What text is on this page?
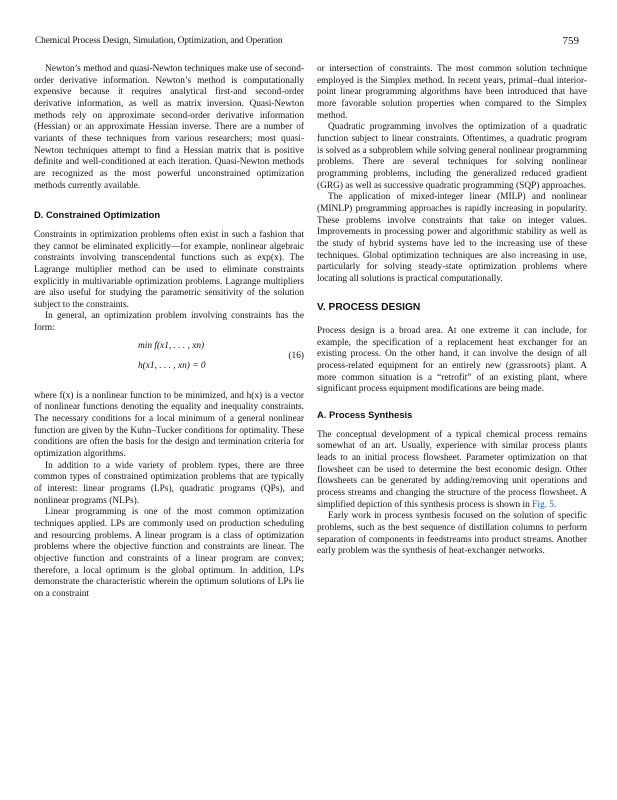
Chemical Process Design, Simulation, Optimization, and Operation	759

Newton’s method and quasi-Newton techniques make use of second-order derivative information. Newton’s method is computationally expensive because it requires analytical first-and second-order derivative information, as well as matrix inversion. Quasi-Newton methods rely on approximate second-order derivative information (Hessian) or an approximate Hessian inverse. There are a number of variants of these techniques from various researchers; most quasi-Newton techniques attempt to find a Hessian matrix that is positive definite and well-conditioned at each iteration. Quasi-Newton methods are recognized as the most powerful unconstrained optimization methods currently available.

D. Constrained Optimization

Constraints in optimization problems often exist in such a fashion that they cannot be eliminated explicitly—for example, nonlinear algebraic constraints involving transcendental functions such as exp(x). The Lagrange multiplier method can be used to eliminate constraints explicitly in multivariable optimization problems. Lagrange multipliers are also useful for studying the parametric sensitivity of the solution subject to the constraints.

In general, an optimization problem involving constraints has the form:

min f(x1, . . . , xn)
h(x1, . . . , xn) = 0
(16)

where f(x) is a nonlinear function to be minimized, and h(x) is a vector of nonlinear functions denoting the equality and inequality constraints. The necessary conditions for a local minimum of a general nonlinear function are given by the Kuhn–Tucker conditions for optimality. These conditions are often the basis for the design and termination criteria for optimization algorithms.

In addition to a wide variety of problem types, there are three common types of constrained optimization problems that are typically of interest: linear programs (LPs), quadratic programs (QPs), and nonlinear programs (NLPs).

Linear programming is one of the most common optimization techniques applied. LPs are commonly used on production scheduling and resourcing problems. A linear program is a class of optimization problems where the objective function and constraints are linear. The objective function and constraints of a linear program are convex; therefore, a local optimum is the global optimum. In addition, LPs demonstrate the characteristic wherein the optimum solutions of LPs lie on a constraint

or intersection of constraints. The most common solution technique employed is the Simplex method. In recent years, primal–dual interior-point linear programming algorithms have been introduced that have more favorable solution properties when compared to the Simplex method.

Quadratic programming involves the optimization of a quadratic function subject to linear constraints. Oftentimes, a quadratic program is solved as a subproblem while solving general nonlinear programming problems. There are several techniques for solving nonlinear programming problems, including the generalized reduced gradient (GRG) as well as successive quadratic programming (SQP) approaches.

The application of mixed-integer linear (MILP) and nonlinear (MINLP) programming approaches is rapidly increasing in popularity. These problems involve constraints that take on integer values. Improvements in processing power and algorithmic stability as well as the study of hybrid systems have led to the increasing use of these techniques. Global optimization techniques are also increasing in use, particularly for solving steady-state optimization problems where locating all solutions is practical computationally.

V. PROCESS DESIGN

Process design is a broad area. At one extreme it can include, for example, the specification of a replacement heat exchanger for an existing process. On the other hand, it can involve the design of all process-related equipment for an entirely new (grassroots) plant. A more common situation is a “retrofit” of an existing plant, where significant process equipment modifications are being made.

A. Process Synthesis

The conceptual development of a typical chemical process remains somewhat of an art. Usually, experience with similar process plants leads to an initial process flowsheet. Parameter optimization on that flowsheet can be used to determine the best economic design. Other flowsheets can be generated by adding/removing unit operations and process streams and changing the structure of the process flowsheet. A simplified depiction of this synthesis process is shown in Fig. 5.

Early work in process synthesis focused on the solution of specific problems, such as the best sequence of distillation columns to perform separation of components in feedstreams into product streams. Another early problem was the synthesis of heat-exchanger networks.
